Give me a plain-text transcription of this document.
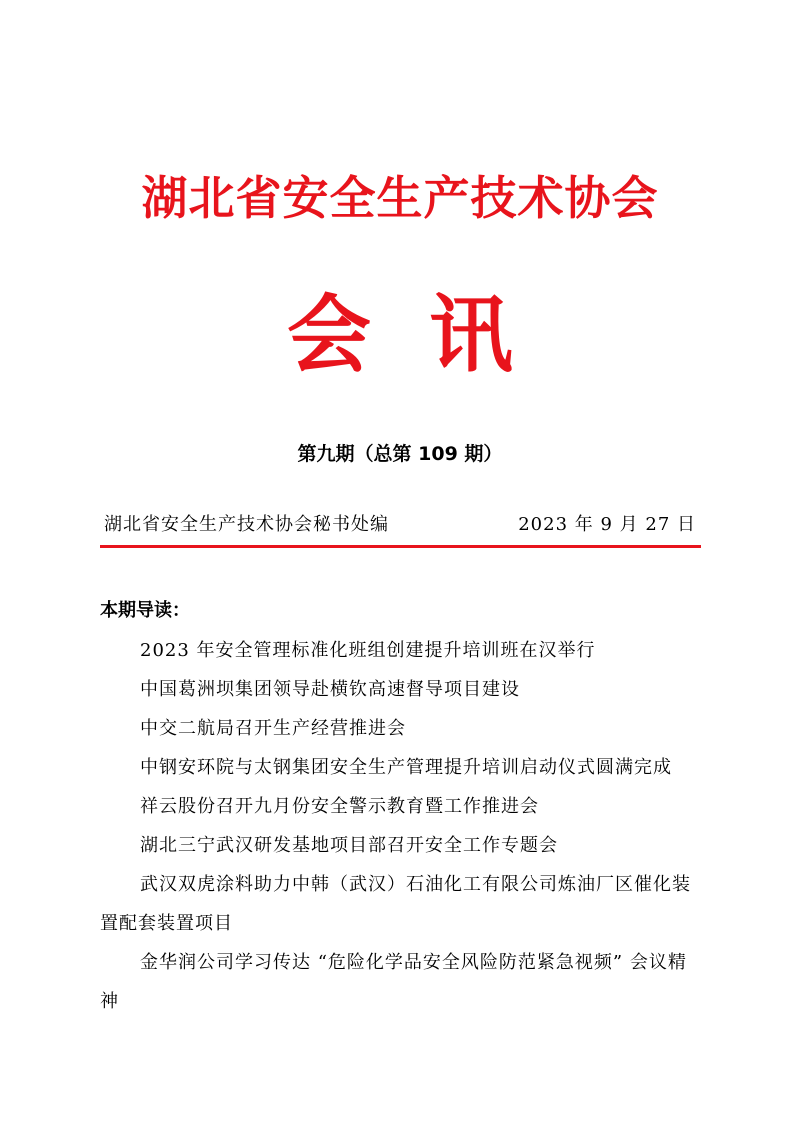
湖北省安全生产技术协会
会讯
第九期（总第 109 期）
湖北省安全生产技术协会秘书处编	2023 年 9 月 27 日
本期导读：
2023 年安全管理标准化班组创建提升培训班在汉举行
中国葛洲坝集团领导赴横钦高速督导项目建设
中交二航局召开生产经营推进会
中钢安环院与太钢集团安全生产管理提升培训启动仪式圆满完成
祥云股份召开九月份安全警示教育暨工作推进会
湖北三宁武汉研发基地项目部召开安全工作专题会
武汉双虎涂料助力中韩（武汉）石油化工有限公司炼油厂区催化装置配套装置项目
金华润公司学习传达 “危险化学品安全风险防范紧急视频” 会议精神
